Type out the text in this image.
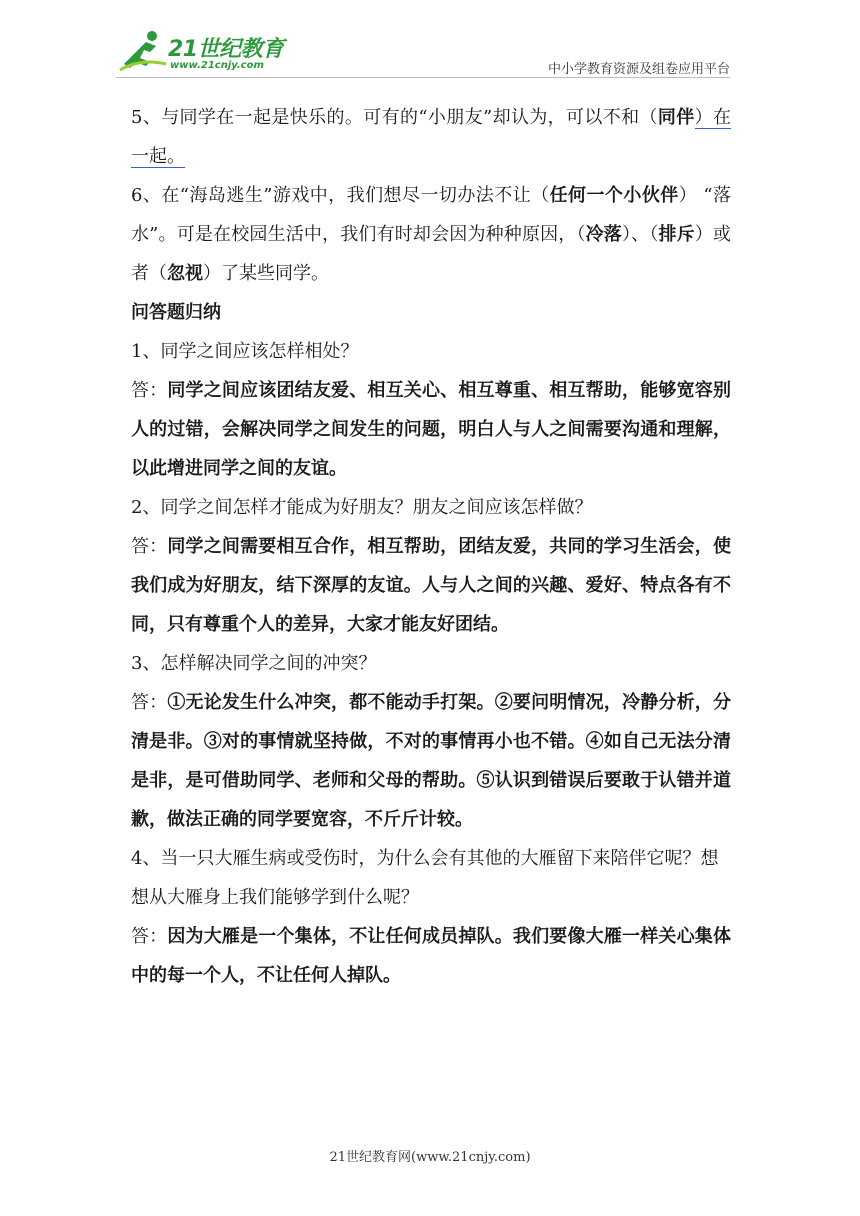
21世纪教育
www.21cnjy.com	中小学教育资源及组卷应用平台

5、与同学在一起是快乐的。可有的“小朋友”却认为，可以不和（同伴）在一起。

6、在“海岛逃生”游戏中，我们想尽一切办法不让（任何一个小伙伴） “落水”。可是在校园生活中，我们有时却会因为种种原因，（冷落）、（排斥）或者（忽视）了某些同学。

问答题归纳

1、同学之间应该怎样相处？

答：同学之间应该团结友爱、相互关心、相互尊重、相互帮助，能够宽容别人的过错，会解决同学之间发生的问题，明白人与人之间需要沟通和理解，以此增进同学之间的友谊。

2、同学之间怎样才能成为好朋友？朋友之间应该怎样做？

答：同学之间需要相互合作，相互帮助，团结友爱，共同的学习生活会，使我们成为好朋友，结下深厚的友谊。人与人之间的兴趣、爱好、特点各有不同，只有尊重个人的差异，大家才能友好团结。

3、怎样解决同学之间的冲突？

答：①无论发生什么冲突，都不能动手打架。②要问明情况，冷静分析，分清是非。③对的事情就坚持做，不对的事情再小也不错。④如自己无法分清是非，是可借助同学、老师和父母的帮助。⑤认识到错误后要敢于认错并道歉，做法正确的同学要宽容，不斤斤计较。

4、当一只大雁生病或受伤时，为什么会有其他的大雁留下来陪伴它呢？想

想从大雁身上我们能够学到什么呢？

答：因为大雁是一个集体，不让任何成员掉队。我们要像大雁一样关心集体中的每一个人，不让任何人掉队。

21世纪教育网(www.21cnjy.com)
